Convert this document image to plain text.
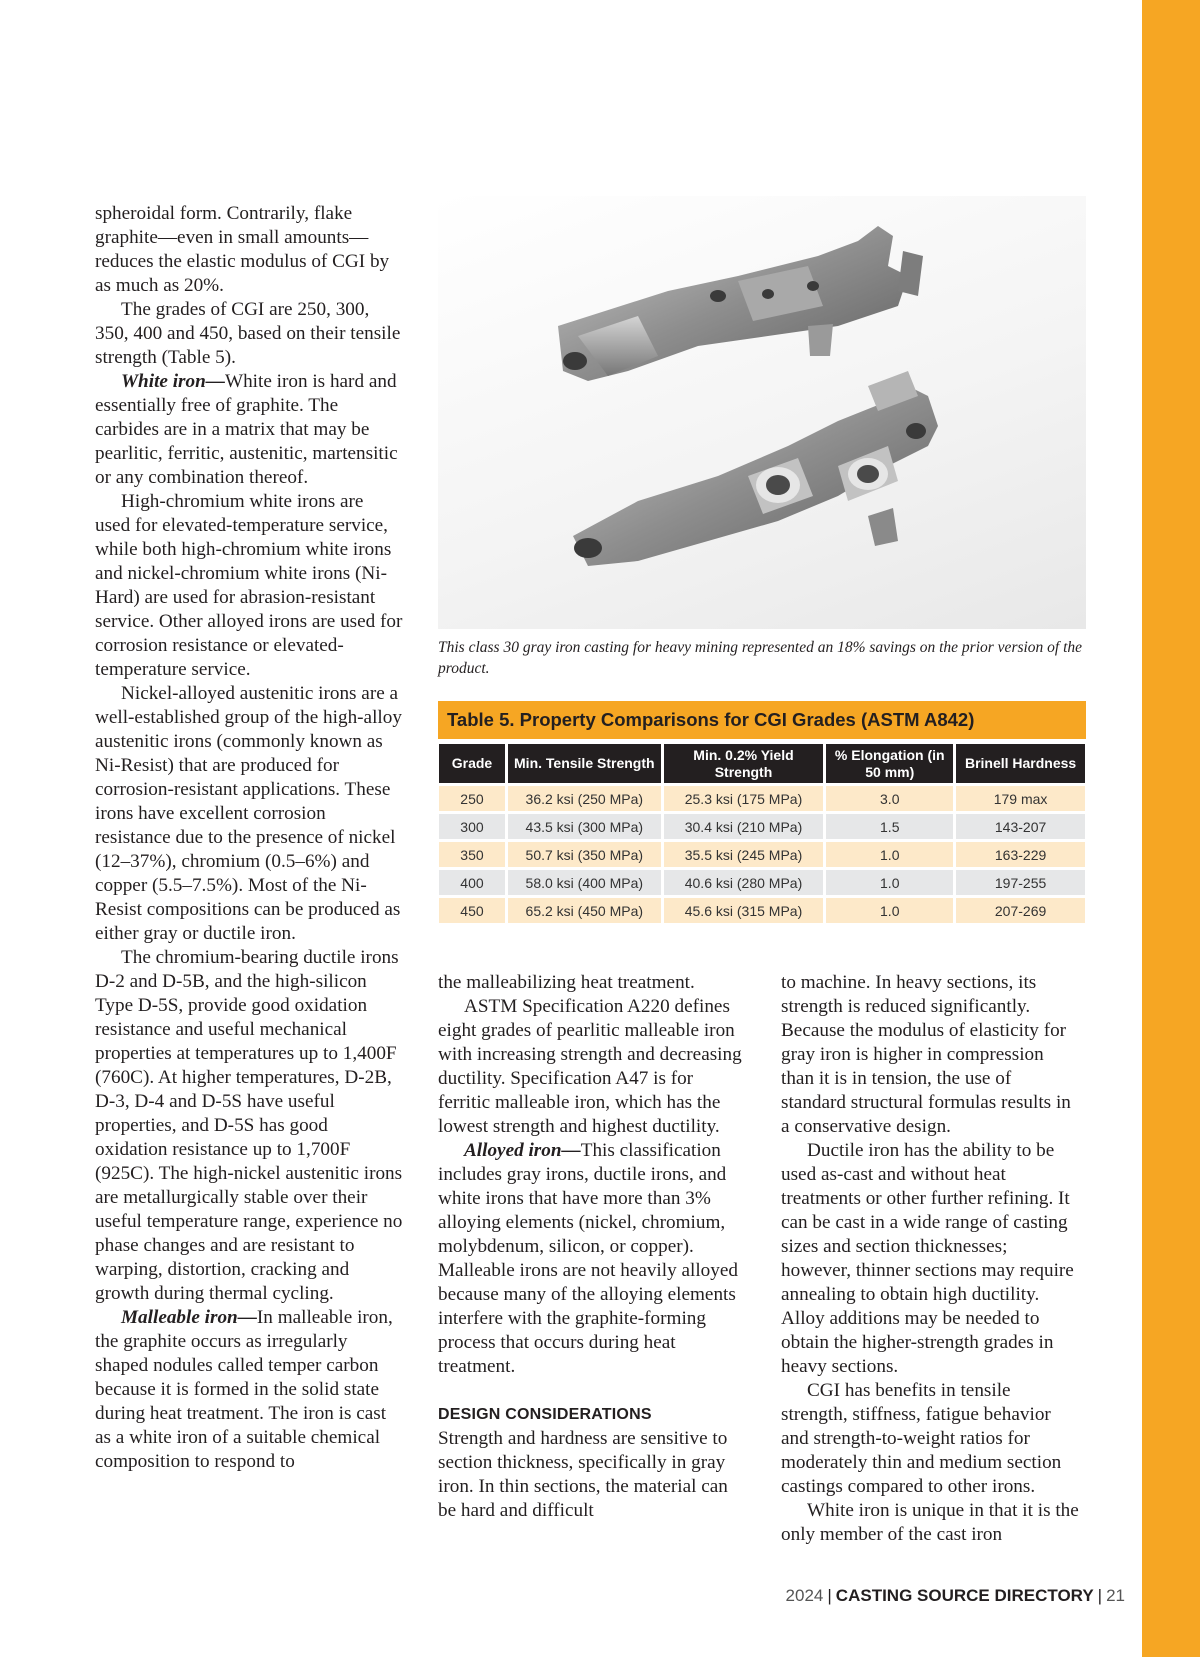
spheroidal form. Contrarily, flake graphite—even in small amounts—reduces the elastic modulus of CGI by as much as 20%.

The grades of CGI are 250, 300, 350, 400 and 450, based on their tensile strength (Table 5).

White iron—White iron is hard and essentially free of graphite. The carbides are in a matrix that may be pearlitic, ferritic, austenitic, martensitic or any combination thereof.

High-chromium white irons are used for elevated-temperature service, while both high-chromium white irons and nickel-chromium white irons (Ni-Hard) are used for abrasion-resistant service. Other alloyed irons are used for corrosion resistance or elevated-temperature service.

Nickel-alloyed austenitic irons are a well-established group of the high-alloy austenitic irons (commonly known as Ni-Resist) that are produced for corrosion-resistant applications. These irons have excellent corrosion resistance due to the presence of nickel (12–37%), chromium (0.5–6%) and copper (5.5–7.5%). Most of the Ni-Resist compositions can be produced as either gray or ductile iron.

The chromium-bearing ductile irons D-2 and D-5B, and the high-silicon Type D-5S, provide good oxidation resistance and useful mechanical properties at temperatures up to 1,400F (760C). At higher temperatures, D-2B, D-3, D-4 and D-5S have useful properties, and D-5S has good oxidation resistance up to 1,700F (925C). The high-nickel austenitic irons are metallurgically stable over their useful temperature range, experience no phase changes and are resistant to warping, distortion, cracking and growth during thermal cycling.

Malleable iron—In malleable iron, the graphite occurs as irregularly shaped nodules called temper carbon because it is formed in the solid state during heat treatment. The iron is cast as a white iron of a suitable chemical composition to respond to

This class 30 gray iron casting for heavy mining represented an 18% savings on the prior version of the product.
Table 5. Property Comparisons for CGI Grades (ASTM A842)
Grade	Min. Tensile Strength	Min. 0.2% Yield Strength	% Elongation (in 50 mm)	Brinell Hardness
250	36.2 ksi (250 MPa)	25.3 ksi (175 MPa)	3.0	179 max
300	43.5 ksi (300 MPa)	30.4 ksi (210 MPa)	1.5	143-207
350	50.7 ksi (350 MPa)	35.5 ksi (245 MPa)	1.0	163-229
400	58.0 ksi (400 MPa)	40.6 ksi (280 MPa)	1.0	197-255
450	65.2 ksi (450 MPa)	45.6 ksi (315 MPa)	1.0	207-269

the malleabilizing heat treatment.

ASTM Specification A220 defines eight grades of pearlitic malleable iron with increasing strength and decreasing ductility. Specification A47 is for ferritic malleable iron, which has the lowest strength and highest ductility.

Alloyed iron—This classification includes gray irons, ductile irons, and white irons that have more than 3% alloying elements (nickel, chromium, molybdenum, silicon, or copper). Malleable irons are not heavily alloyed because many of the alloying elements interfere with the graphite-forming process that occurs during heat treatment.

DESIGN CONSIDERATIONS

Strength and hardness are sensitive to section thickness, specifically in gray iron. In thin sections, the material can be hard and difficult

to machine. In heavy sections, its strength is reduced significantly. Because the modulus of elasticity for gray iron is higher in compression than it is in tension, the use of standard structural formulas results in a conservative design.

Ductile iron has the ability to be used as-cast and without heat treatments or other further refining. It can be cast in a wide range of casting sizes and section thicknesses; however, thinner sections may require annealing to obtain high ductility. Alloy additions may be needed to obtain the higher-strength grades in heavy sections.

CGI has benefits in tensile strength, stiffness, fatigue behavior and strength-to-weight ratios for moderately thin and medium section castings compared to other irons.

White iron is unique in that it is the only member of the cast iron

2024 | CASTING SOURCE DIRECTORY | 21
